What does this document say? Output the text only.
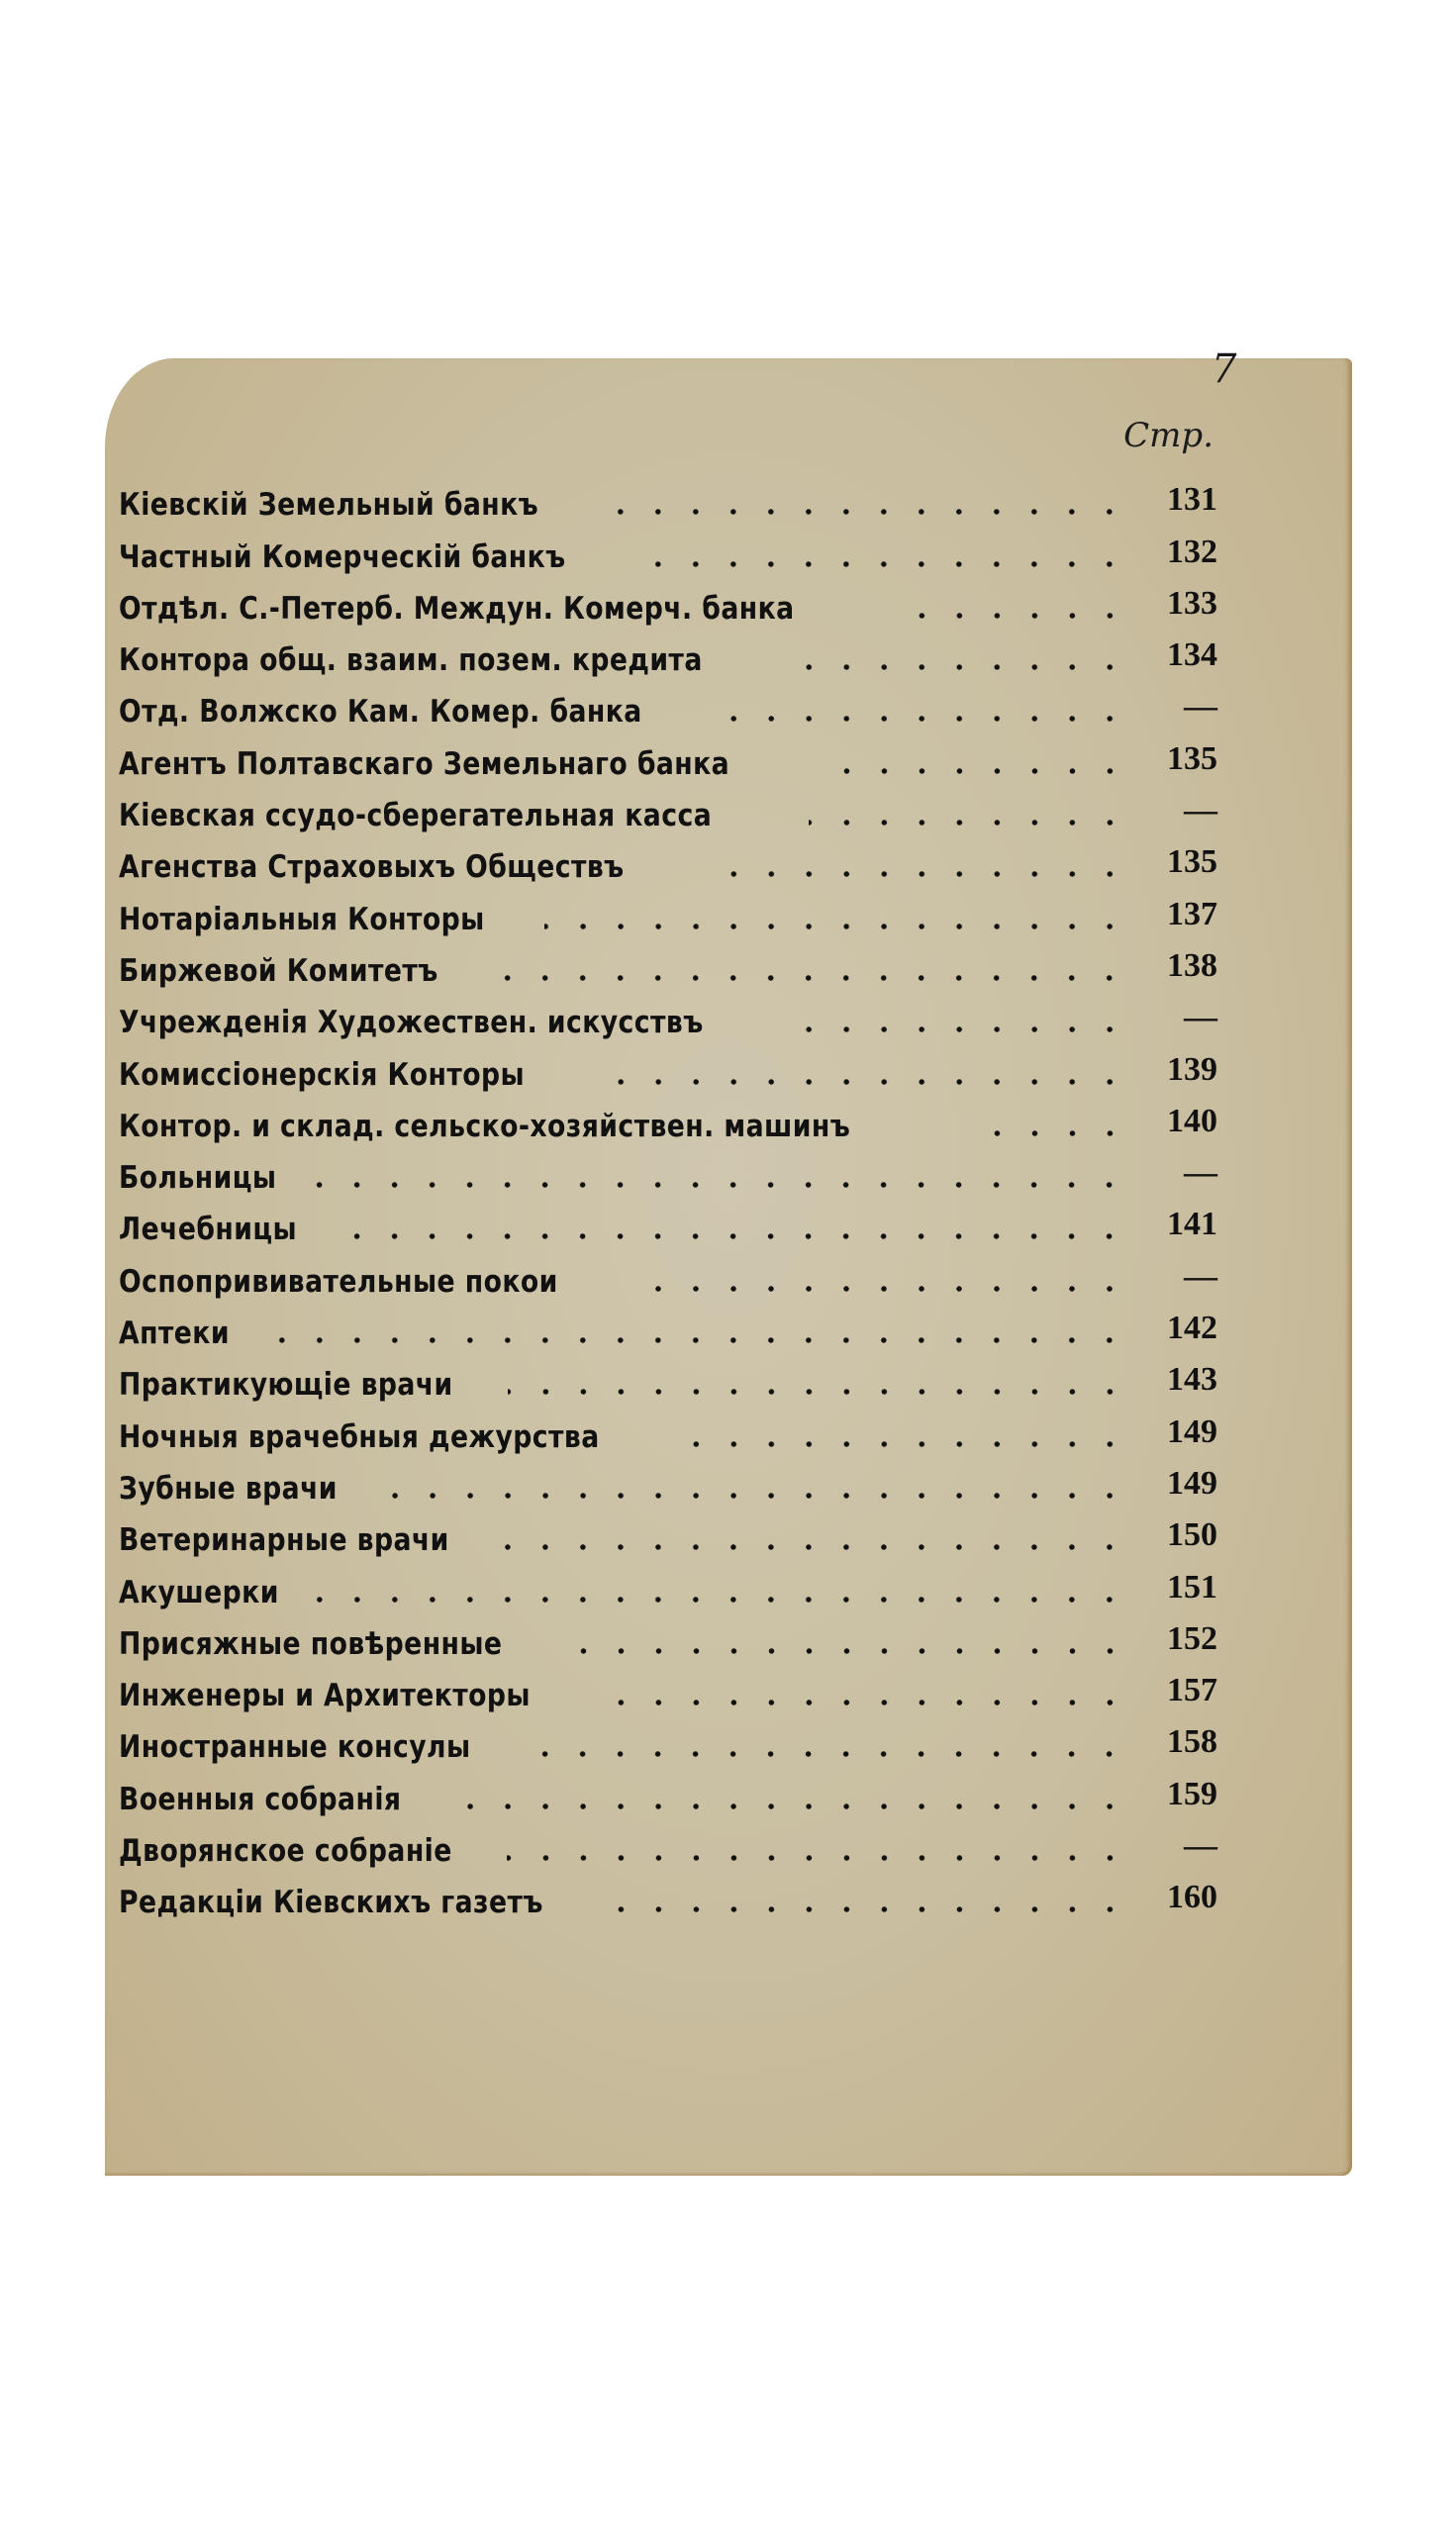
7
Стр.
Кіевскій Земельный банкъ	131
Частный Комерческій банкъ	132
Отдѣл. С.-Петерб. Междун. Комерч. банка	133
Контора общ. взаим. позем. кредита	134
Отд. Волжско Кам. Комер. банка	—
Агентъ Полтавскаго Земельнаго банка	135
Кіевская ссудо-сберегательная касса	—
Агенства Страховыхъ Обществъ	135
Нотаріальныя Конторы	137
Биржевой Комитетъ	138
Учрежденія Художествен. искусствъ	—
Комиссіонерскія Конторы	139
Контор. и склад. сельско-хозяйствен. машинъ	140
Больницы	—
Лечебницы	141
Оспопрививательные покои	—
Аптеки	142
Практикующіе врачи	143
Ночныя врачебныя дежурства	149
Зубные врачи	149
Ветеринарные врачи	150
Акушерки	151
Присяжные повѣренные	152
Инженеры и Архитекторы	157
Иностранные консулы	158
Военныя собранія	159
Дворянское собраніе	—
Редакціи Кіевскихъ газетъ	160
